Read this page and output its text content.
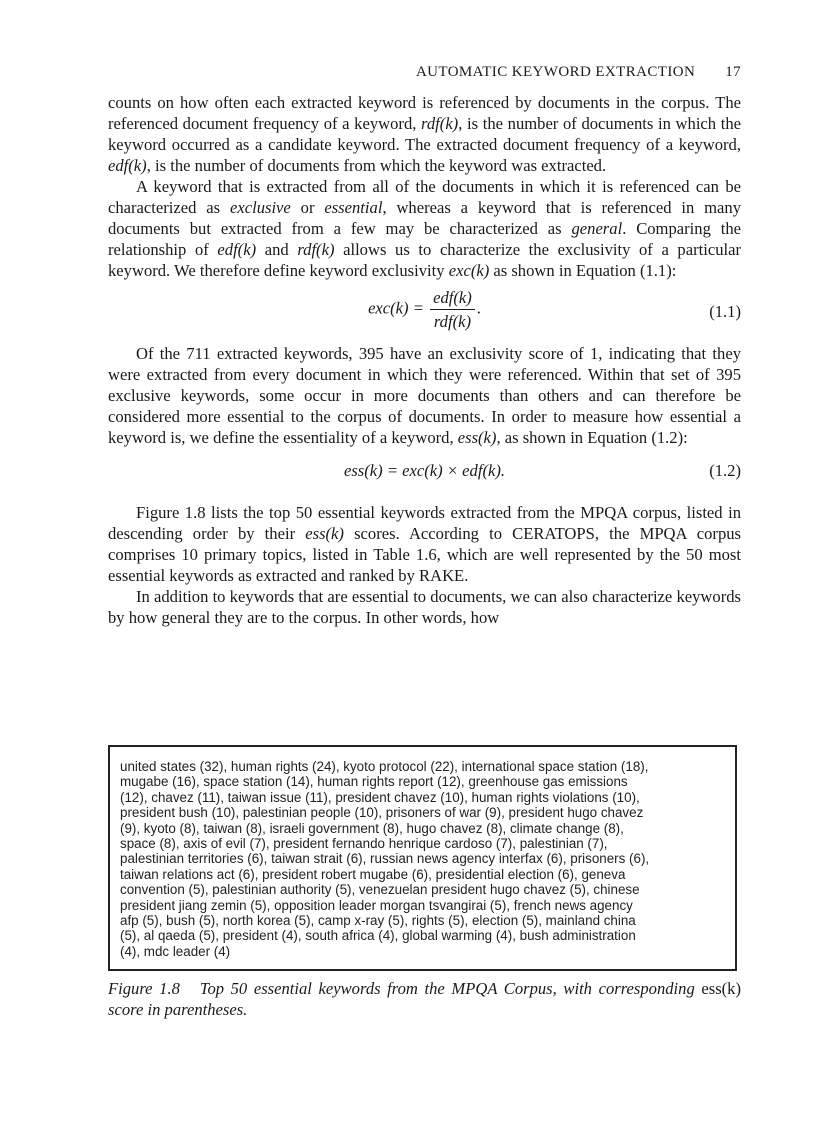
AUTOMATIC KEYWORD EXTRACTION 17

counts on how often each extracted keyword is referenced by documents in the corpus. The referenced document frequency of a keyword, rdf(k), is the number of documents in which the keyword occurred as a candidate keyword. The extracted document frequency of a keyword, edf(k), is the number of documents from which the keyword was extracted.

A keyword that is extracted from all of the documents in which it is referenced can be characterized as exclusive or essential, whereas a keyword that is referenced in many documents but extracted from a few may be characterized as general. Comparing the relationship of edf(k) and rdf(k) allows us to characterize the exclusivity of a particular keyword. We therefore define keyword exclusivity exc(k) as shown in Equation (1.1):

$exc(k) = \frac{\text{edf(k)}}{\text{rdf(k)}}$ .	(1.1)

Of the 711 extracted keywords, 395 have an exclusivity score of 1, indicating that they were extracted from every document in which they were referenced. Within that set of 395 exclusive keywords, some occur in more documents than others and can therefore be considered more essential to the corpus of documents. In order to measure how essential a keyword is, we define the essentiality of a keyword, ess(k), as shown in Equation (1.2):

ess(k) = exc(k) × edf(k).	(1.2)

Figure 1.8 lists the top 50 essential keywords extracted from the MPQA corpus, listed in descending order by their ess(k) scores. According to CERATOPS, the MPQA corpus comprises 10 primary topics, listed in Table 1.6, which are well represented by the 50 most essential keywords as extracted and ranked by RAKE.

In addition to keywords that are essential to documents, we can also characterize keywords by how general they are to the corpus. In other words, how

united states (32), human rights (24), kyoto protocol (22), international space station (18),
mugabe (16), space station (14), human rights report (12), greenhouse gas emissions
(12), chavez (11), taiwan issue (11), president chavez (10), human rights violations (10),
president bush (10), palestinian people (10), prisoners of war (9), president hugo chavez
(9), kyoto (8), taiwan (8), israeli government (8), hugo chavez (8), climate change (8),
space (8), axis of evil (7), president fernando henrique cardoso (7), palestinian (7),
palestinian territories (6), taiwan strait (6), russian news agency interfax (6), prisoners (6),
taiwan relations act (6), president robert mugabe (6), presidential election (6), geneva
convention (5), palestinian authority (5), venezuelan president hugo chavez (5), chinese
president jiang zemin (5), opposition leader morgan tsvangirai (5), french news agency
afp (5), bush (5), north korea (5), camp x-ray (5), rights (5), election (5), mainland china
(5), al qaeda (5), president (4), south africa (4), global warming (4), bush administration
(4), mdc leader (4)
Figure 1.8 Top 50 essential keywords from the MPQA Corpus, with corresponding ess(k) score in parentheses.
